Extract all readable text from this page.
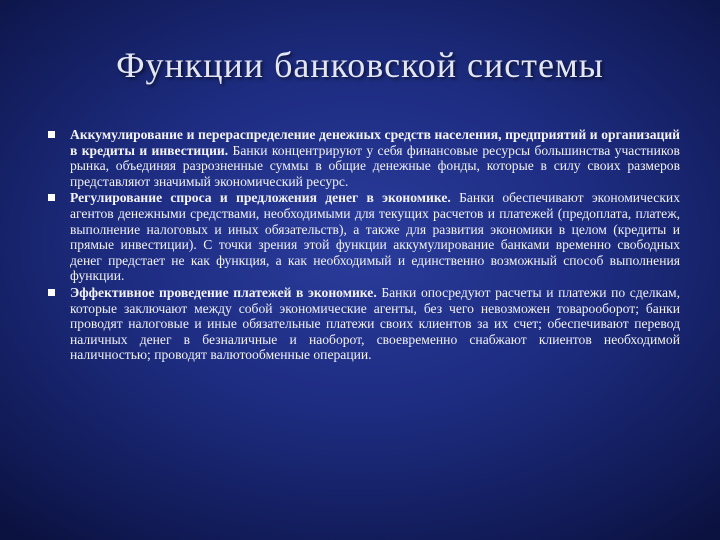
Функции банковской системы
Аккумулирование и перераспределение денежных средств населения, предприятий и организаций в кредиты и инвестиции. Банки концентрируют у себя финансовые ресурсы большинства участников рынка, объединяя разрозненные суммы в общие денежные фонды, которые в силу своих размеров представляют значимый экономический ресурс.
Регулирование спроса и предложения денег в экономике. Банки обеспечивают экономических агентов денежными средствами, необходимыми для текущих расчетов и платежей (предоплата, платеж, выполнение налоговых и иных обязательств), а также для развития экономики в целом (кредиты и прямые инвестиции). С точки зрения этой функции аккумулирование банками временно свободных денег предстает не как функция, а как необходимый и единственно возможный способ выполнения функции.
Эффективное проведение платежей в экономике. Банки опосредуют расчеты и платежи по сделкам, которые заключают между собой экономические агенты, без чего невозможен товарооборот; банки проводят налоговые и иные обязательные платежи своих клиентов за их счет; обеспечивают перевод наличных денег в безналичные и наоборот, своевременно снабжают клиентов необходимой наличностью; проводят валютообменные операции.
